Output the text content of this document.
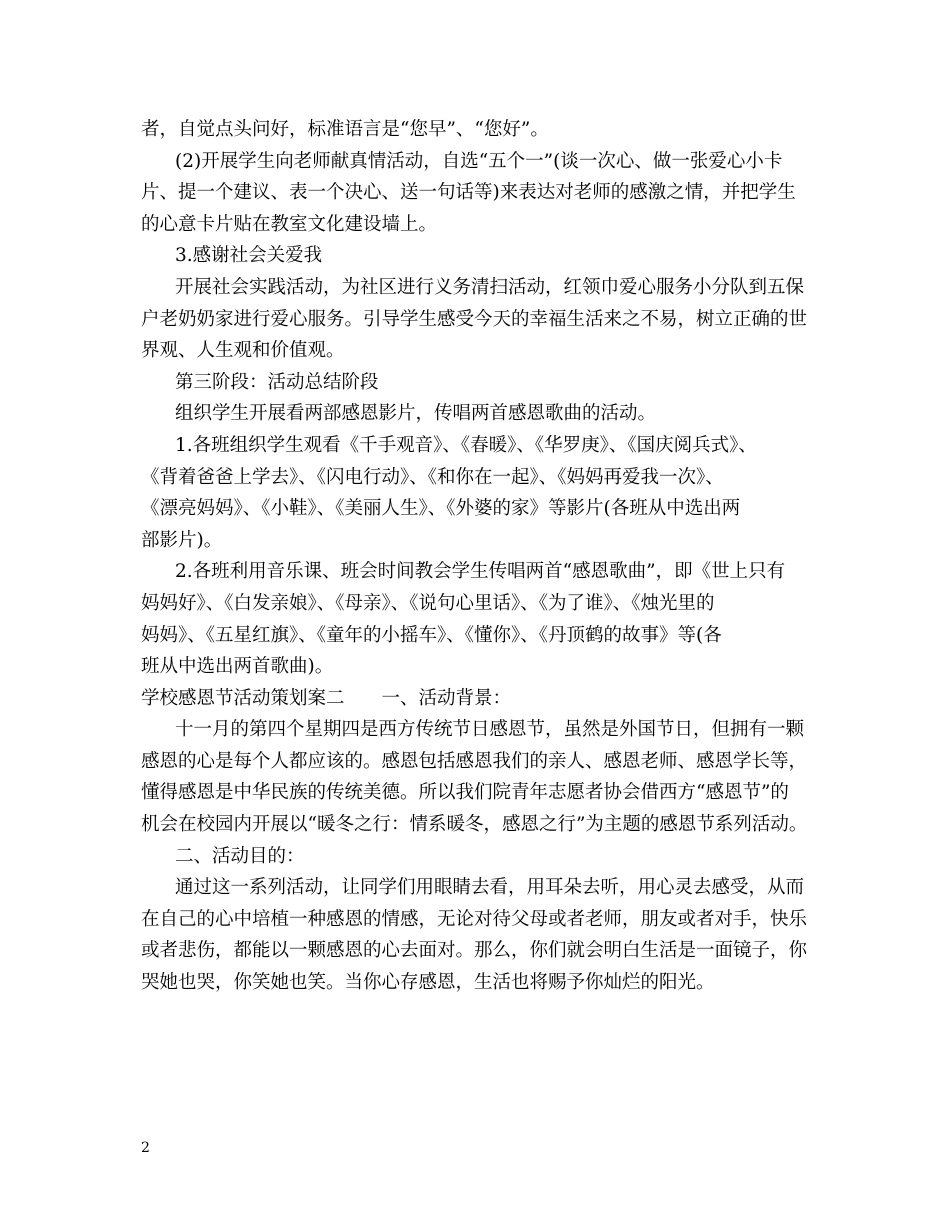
者，自觉点头问好，标准语言是“您早”、“您好”。
(2)开展学生向老师献真情活动，自选“五个一”(谈一次心、做一张爱心小卡
片、提一个建议、表一个决心、送一句话等)来表达对老师的感激之情，并把学生
的心意卡片贴在教室文化建设墙上。
3.感谢社会关爱我
开展社会实践活动，为社区进行义务清扫活动，红领巾爱心服务小分队到五保
户老奶奶家进行爱心服务。引导学生感受今天的幸福生活来之不易，树立正确的世
界观、人生观和价值观。
第三阶段：活动总结阶段
组织学生开展看两部感恩影片，传唱两首感恩歌曲的活动。
1.各班组织学生观看《千手观音》、《春暖》、《华罗庚》、《国庆阅兵式》、
《背着爸爸上学去》、《闪电行动》、《和你在一起》、《妈妈再爱我一次》、
《漂亮妈妈》、《小鞋》、《美丽人生》、《外婆的家》等影片(各班从中选出两
部影片)。
2.各班利用音乐课、班会时间教会学生传唱两首“感恩歌曲”，即《世上只有
妈妈好》、《白发亲娘》、《母亲》、《说句心里话》、《为了谁》、《烛光里的
妈妈》、《五星红旗》、《童年的小摇车》、《懂你》、《丹顶鹤的故事》等(各
班从中选出两首歌曲)。
学校感恩节活动策划案二　　一、活动背景：
十一月的第四个星期四是西方传统节日感恩节，虽然是外国节日，但拥有一颗
感恩的心是每个人都应该的。感恩包括感恩我们的亲人、感恩老师、感恩学长等，
懂得感恩是中华民族的传统美德。所以我们院青年志愿者协会借西方“感恩节”的
机会在校园内开展以“暖冬之行：情系暖冬，感恩之行”为主题的感恩节系列活动。
二、活动目的：
通过这一系列活动，让同学们用眼睛去看，用耳朵去听，用心灵去感受，从而
在自己的心中培植一种感恩的情感，无论对待父母或者老师，朋友或者对手，快乐
或者悲伤，都能以一颗感恩的心去面对。那么，你们就会明白生活是一面镜子，你
哭她也哭，你笑她也笑。当你心存感恩，生活也将赐予你灿烂的阳光。
2
